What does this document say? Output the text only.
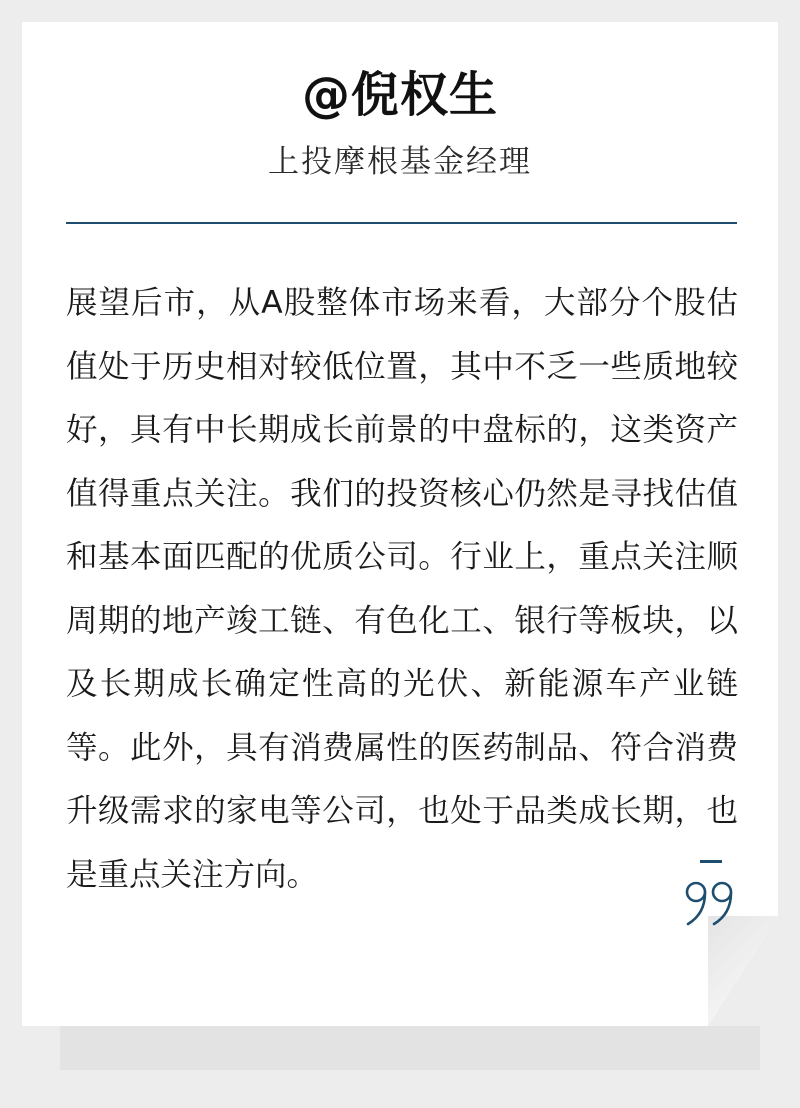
@倪权生
上投摩根基金经理

展望后市，从A股整体市场来看，大部分个股估值处于历史相对较低位置，其中不乏一些质地较好，具有中长期成长前景的中盘标的，这类资产值得重点关注。我们的投资核心仍然是寻找估值和基本面匹配的优质公司。行业上，重点关注顺周期的地产竣工链、有色化工、银行等板块，以及长期成长确定性高的光伏、新能源车产业链等。此外，具有消费属性的医药制品、符合消费升级需求的家电等公司，也处于品类成长期，也是重点关注方向。
